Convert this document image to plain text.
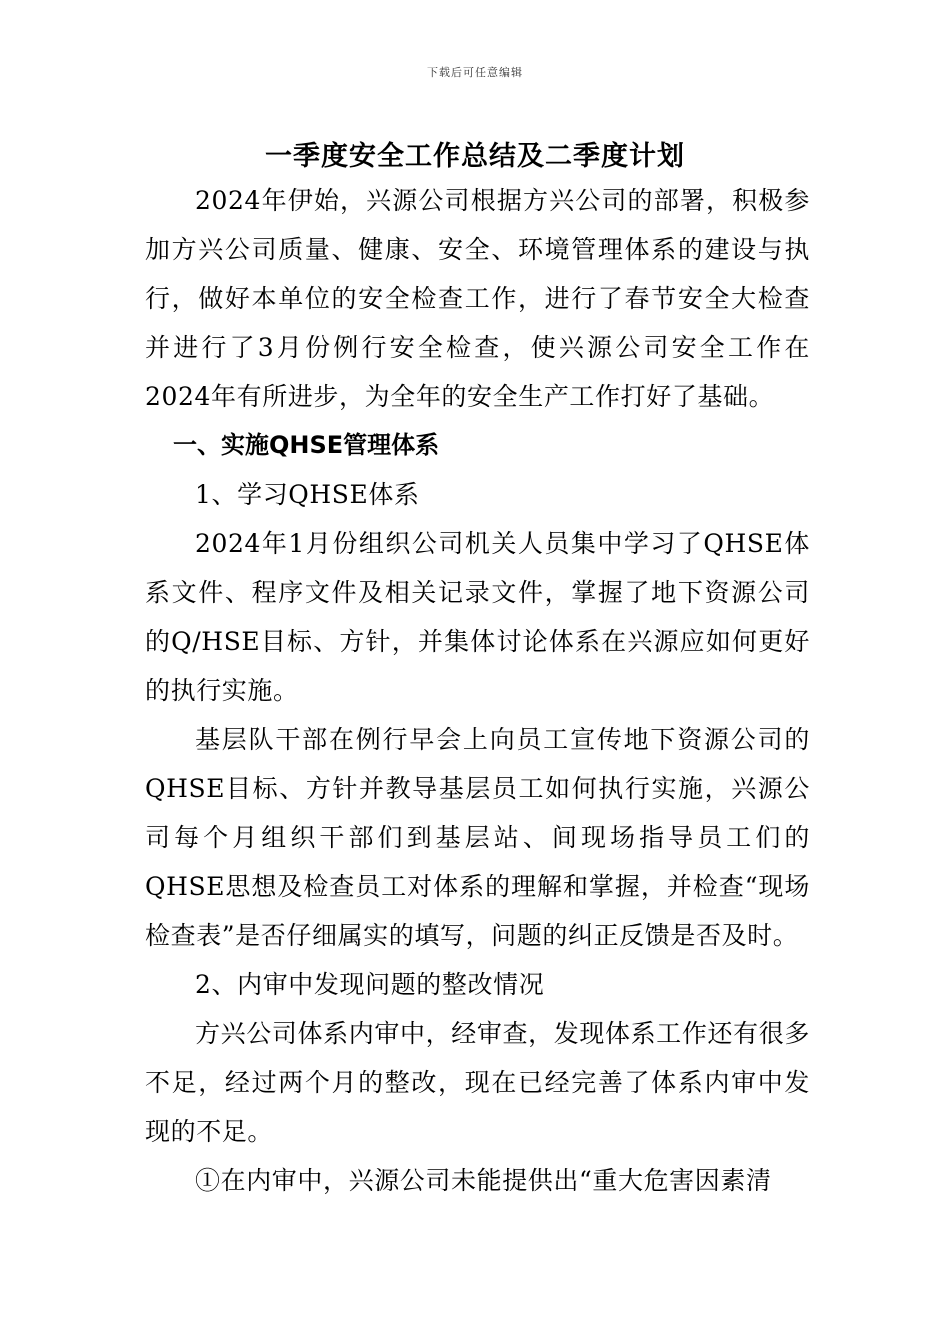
下载后可任意编辑
一季度安全工作总结及二季度计划

2024年伊始，兴源公司根据方兴公司的部署，积极参加方兴公司质量、健康、安全、环境管理体系的建设与执行，做好本单位的安全检查工作，进行了春节安全大检查并进行了3月份例行安全检查，使兴源公司安全工作在2024年有所进步，为全年的安全生产工作打好了基础。

一、实施QHSE管理体系

1、学习QHSE体系

2024年1月份组织公司机关人员集中学习了QHSE体系文件、程序文件及相关记录文件，掌握了地下资源公司的Q/HSE目标、方针，并集体讨论体系在兴源应如何更好的执行实施。

基层队干部在例行早会上向员工宣传地下资源公司的QHSE目标、方针并教导基层员工如何执行实施，兴源公司每个月组织干部们到基层站、间现场指导员工们的QHSE思想及检查员工对体系的理解和掌握，并检查“现场检查表”是否仔细属实的填写，问题的纠正反馈是否及时。

2、内审中发现问题的整改情况

方兴公司体系内审中，经审查，发现体系工作还有很多不足，经过两个月的整改，现在已经完善了体系内审中发现的不足。

①在内审中，兴源公司未能提供出“重大危害因素清
